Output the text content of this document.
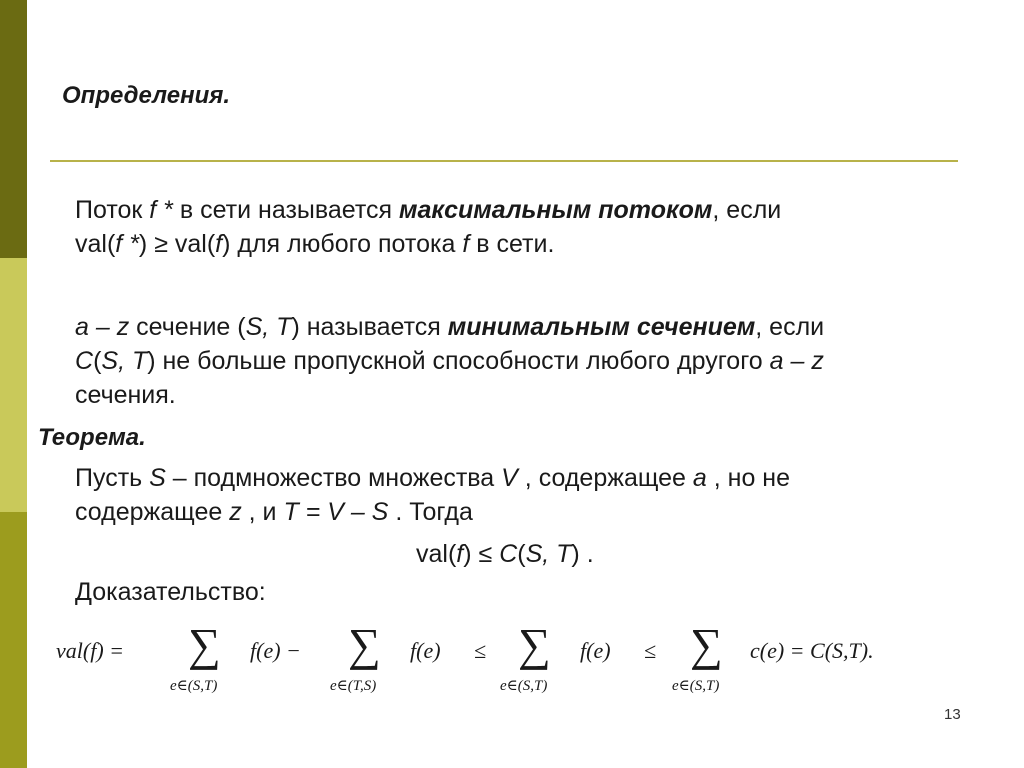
Определения.
Поток f * в сети называется максимальным потоком, если
val(f *) ≥ val(f) для любого потока f в сети.
a – z сечение (S, T) называется минимальным сечением, если
C(S, T) не больше пропускной способности любого другого a – z
сечения.
Теорема.
Пусть S – подмножество множества V , содержащее a , но не
содержащее z , и T = V – S . Тогда
val(f) ≤ C(S, T) .
Доказательство:
val(f) = ∑
e∈(S,T)
f(e) − ∑
e∈(T,S)
f(e) ≤ ∑
e∈(S,T)
f(e) ≤ ∑
e∈(S,T)
c(e) = C(S,T).
13
